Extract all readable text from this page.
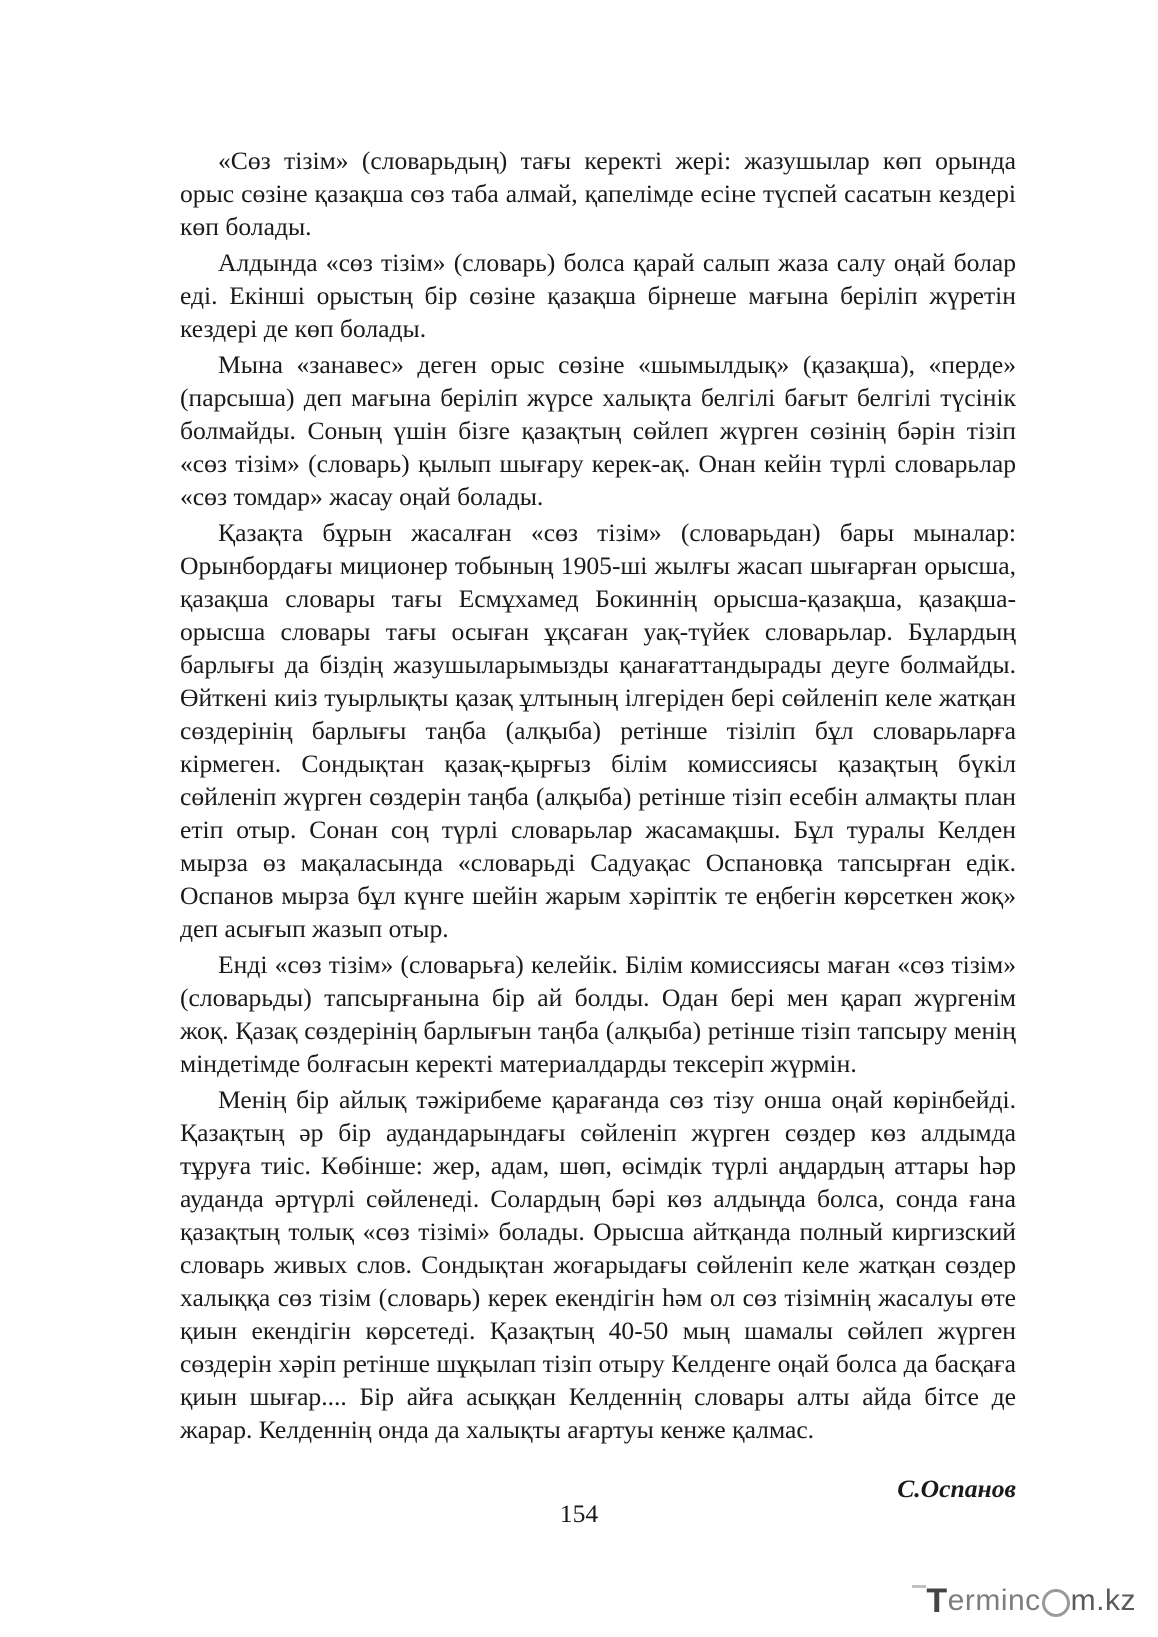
«Сөз тізім» (словарьдың) тағы керекті жері: жазушылар көп орында орыс сөзіне қазақша сөз таба алмай, қапелімде есіне түспей сасатын кездері көп болады.

Алдында «сөз тізім» (словарь) болса қарай салып жаза салу оңай болар еді. Екінші орыстың бір сөзіне қазақша бірнеше мағына беріліп жүретін кездері де көп болады.

Мына «занавес» деген орыс сөзіне «шымылдық» (қазақша), «перде» (парсыша) деп мағына беріліп жүрсе халықта белгілі бағыт белгілі түсінік болмайды. Соның үшін бізге қазақтың сөйлеп жүрген сөзінің бәрін тізіп «сөз тізім» (словарь) қылып шығару керек-ақ. Онан кейін түрлі словарьлар «сөз томдар» жасау оңай болады.

Қазақта бұрын жасалған «сөз тізім» (словарьдан) бары мыналар: Орынбордағы миционер тобының 1905-ші жылғы жасап шығарған орысша, қазақша словары тағы Есмұхамед Бокиннің орысша-қазақша, қазақша-орысша словары тағы осыған ұқсаған уақ-түйек словарьлар. Бұлардың барлығы да біздің жазушыларымызды қанағаттандырады деуге болмайды. Өйткені киіз туырлықты қазақ ұлтының ілгеріден бері сөйленіп келе жатқан сөздерінің барлығы таңба (алқыба) ретінше тізіліп бұл словарьларға кірмеген. Сондықтан қазақ-қырғыз білім комиссиясы қазақтың бүкіл сөйленіп жүрген сөздерін таңба (алқыба) ретінше тізіп есебін алмақты план етіп отыр. Сонан соң түрлі словарьлар жасамақшы. Бұл туралы Келден мырза өз мақаласында «словарьді Садуақас Оспановқа тапсырған едік. Оспанов мырза бұл күнге шейін жарым хәріптік те еңбегін көрсеткен жоқ» деп асығып жазып отыр.

Енді «сөз тізім» (словарьға) келейік. Білім комиссиясы маған «сөз тізім» (словарьды) тапсырғанына бір ай болды. Одан бері мен қарап жүргенім жоқ. Қазақ сөздерінің барлығын таңба (алқыба) ретінше тізіп тапсыру менің міндетімде болғасын керекті материалдарды тексеріп жүрмін.

Менің бір айлық тәжірибеме қарағанда сөз тізу онша оңай көрінбейді. Қазақтың әр бір аудандарындағы сөйленіп жүрген сөздер көз алдымда тұруға тиіс. Көбінше: жер, адам, шөп, өсімдік түрлі аңдардың аттары һәр ауданда әртүрлі сөйленеді. Солардың бәрі көз алдыңда болса, сонда ғана қазақтың толық «сөз тізімі» болады. Орысша айтқанда полный киргизский словарь живых слов. Сондықтан жоғарыдағы сөйленіп келе жатқан сөздер халыққа сөз тізім (словарь) керек екендігін һәм ол сөз тізімнің жасалуы өте қиын екендігін көрсетеді. Қазақтың 40-50 мың шамалы сөйлеп жүрген сөздерін хәріп ретінше шұқылап тізіп отыру Келденге оңай болса да басқаға қиын шығар.... Бір айға асыққан Келденнің словары алты айда бітсе де жарар. Келденнің онда да халықты ағартуы кенже қалмас.

С.Оспанов
154
T ermin c m.kz
